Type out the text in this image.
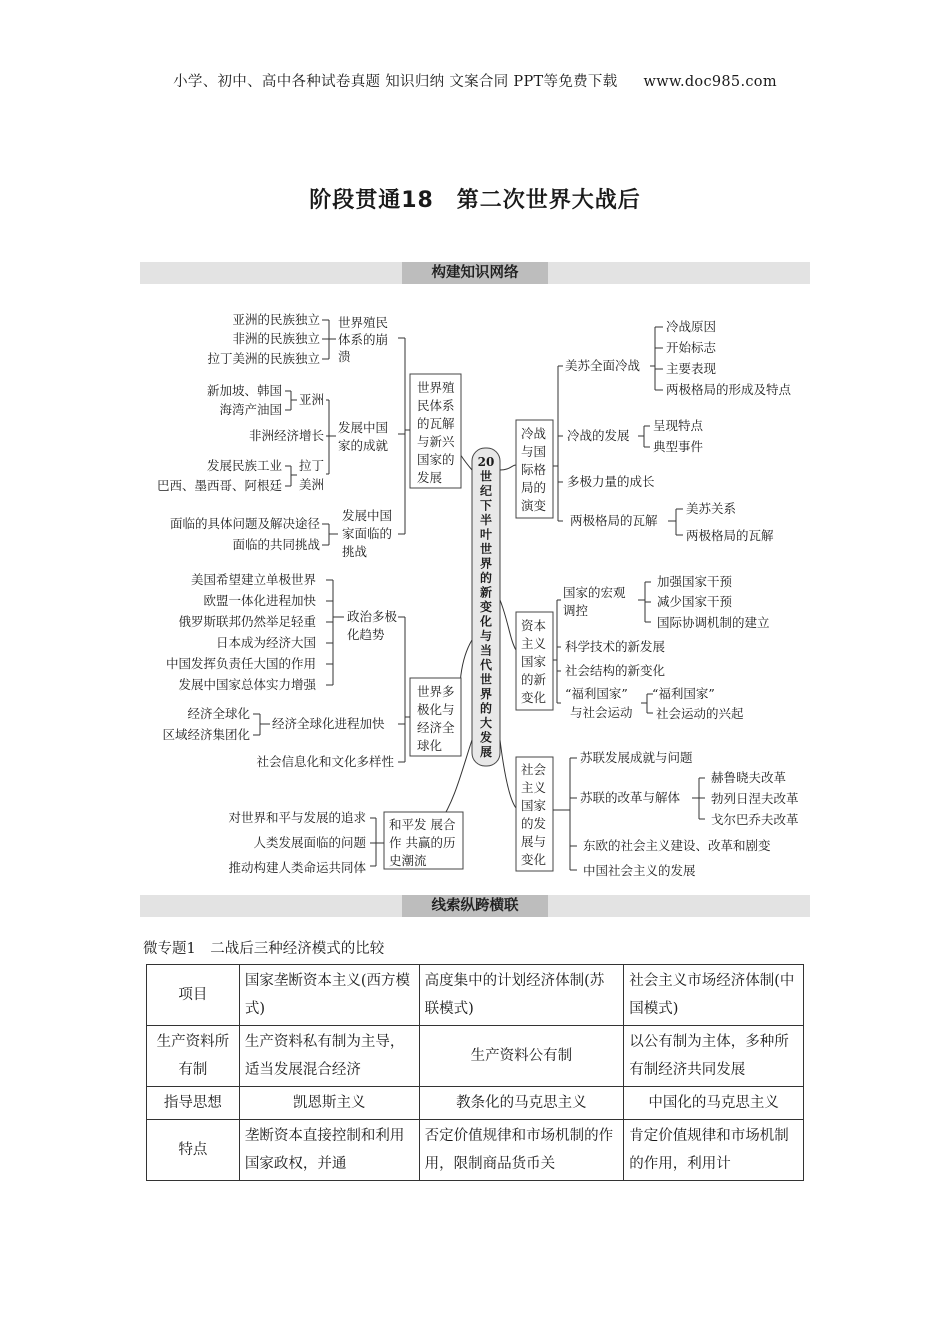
小学、初中、高中各种试卷真题 知识归纳 文案合同 PPT等免费下载 www.doc985.com
阶段贯通18　第二次世界大战后
构建知识网络
20
世
纪
下
半
叶
世
界
的
新
变
化
与
当
代
世
界
的
大
发
展
世界殖
民体系
的瓦解
与新兴
国家的
发展
世界殖民
体系的崩
溃
亚洲的民族独立
非洲的民族独立
拉丁美洲的民族独立
发展中国
家的成就
亚洲
新加坡、韩国
海湾产油国
非洲经济增长
拉丁
美洲
发展民族工业
巴西、墨西哥、阿根廷
发展中国
家面临的
挑战
面临的具体问题及解决途径
面临的共同挑战
世界多
极化与
经济全
球化
政治多极
化趋势
美国希望建立单极世界
欧盟一体化进程加快
俄罗斯联邦仍然举足轻重
日本成为经济大国
中国发挥负责任大国的作用
发展中国家总体实力增强
经济全球化进程加快
经济全球化
区域经济集团化
社会信息化和文化多样性
和平发 展合
作 共赢的历
史潮流
对世界和平与发展的追求
人类发展面临的问题
推动构建人类命运共同体
冷战
与国
际格
局的
演变
美苏全面冷战
冷战原因
开始标志
主要表现
两极格局的形成及特点
冷战的发展
呈现特点
典型事件
多极力量的成长
两极格局的瓦解
美苏关系
两极格局的瓦解
资本
主义
国家
的新
变化
国家的宏观
调控
加强国家干预
减少国家干预
国际协调机制的建立
科学技术的新发展
社会结构的新变化
“福利国家”
与社会运动
“福利国家”
社会运动的兴起
社会
主义
国家
的发
展与
变化
苏联发展成就与问题
苏联的改革与解体
赫鲁晓夫改革
勃列日涅夫改革
戈尔巴乔夫改革
东欧的社会主义建设、改革和剧变
中国社会主义的发展
线索纵跨横联
微专题1　二战后三种经济模式的比较
项目	国家垄断资本主义(西方模式)	高度集中的计划经济体制(苏联模式)	社会主义市场经济体制(中国模式)
生产资料所有制	生产资料私有制为主导，适当发展混合经济	生产资料公有制	以公有制为主体，多种所有制经济共同发展
指导思想	凯恩斯主义	教条化的马克思主义	中国化的马克思主义
特点	垄断资本直接控制和利用国家政权，并通	否定价值规律和市场机制的作用，限制商品货币关	肯定价值规律和市场机制的作用，利用计
